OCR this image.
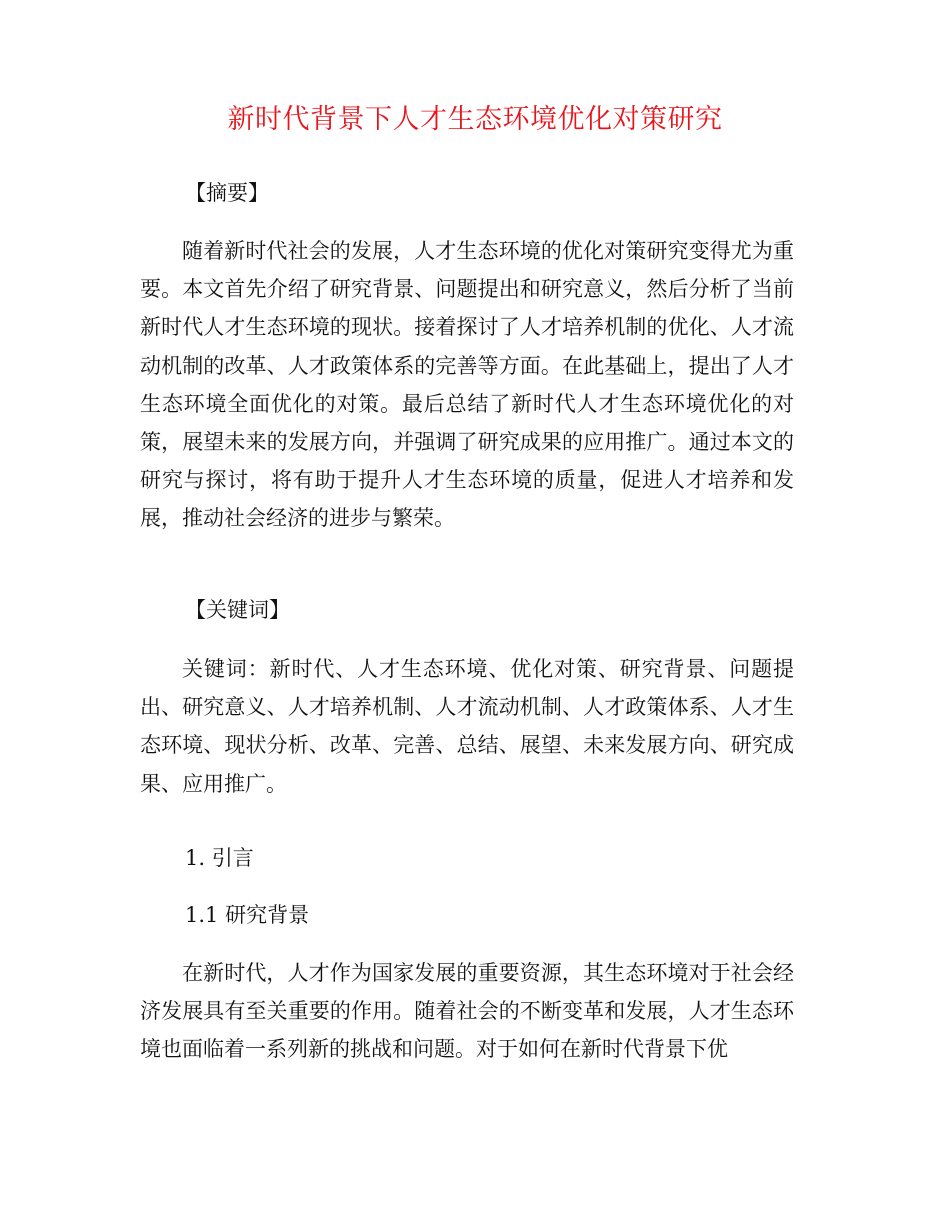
新时代背景下人才生态环境优化对策研究
【摘要】

随着新时代社会的发展，人才生态环境的优化对策研究变得尤为重要。本文首先介绍了研究背景、问题提出和研究意义，然后分析了当前新时代人才生态环境的现状。接着探讨了人才培养机制的优化、人才流动机制的改革、人才政策体系的完善等方面。在此基础上，提出了人才生态环境全面优化的对策。最后总结了新时代人才生态环境优化的对策，展望未来的发展方向，并强调了研究成果的应用推广。通过本文的研究与探讨，将有助于提升人才生态环境的质量，促进人才培养和发展，推动社会经济的进步与繁荣。

【关键词】

关键词：新时代、人才生态环境、优化对策、研究背景、问题提出、研究意义、人才培养机制、人才流动机制、人才政策体系、人才生态环境、现状分析、改革、完善、总结、展望、未来发展方向、研究成果、应用推广。

1. 引言
1.1 研究背景

在新时代，人才作为国家发展的重要资源，其生态环境对于社会经济发展具有至关重要的作用。随着社会的不断变革和发展，人才生态环境也面临着一系列新的挑战和问题。对于如何在新时代背景下优
